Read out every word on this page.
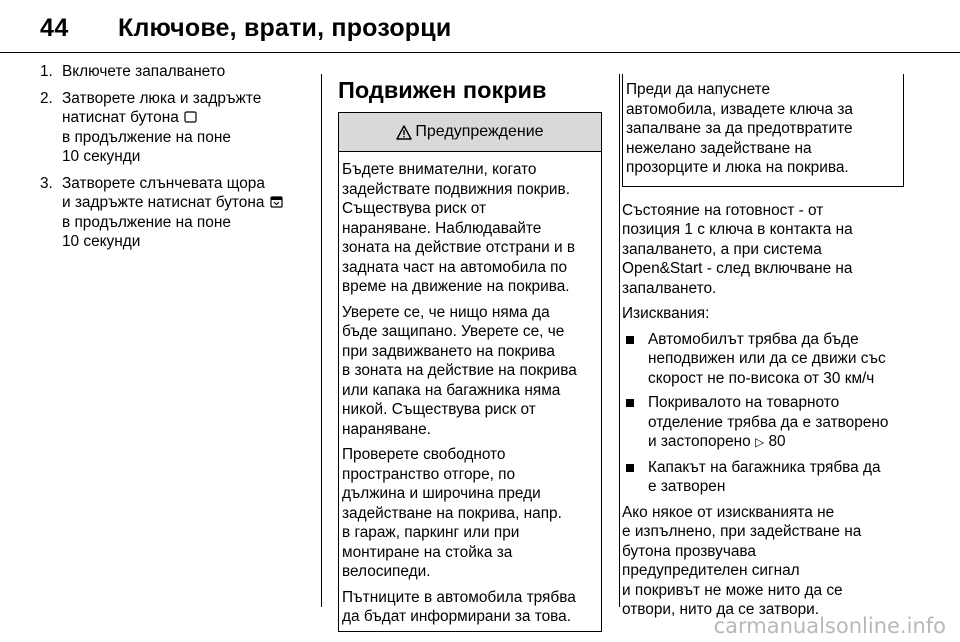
44 Ключове, врати, прозорци
1. Включете запалването
2. Затворете люка и задръжте
натиснат бутона
в продължение на поне
10 секунди
3. Затворете слънчевата щора
и задръжте натиснат бутона
в продължение на поне
10 секунди
Подвижен покрив
Предупреждение

Бъдете внимателни, когато
задействате подвижния покрив.
Съществува риск от
нараняване. Наблюдавайте
зоната на действие отстрани и в
задната част на автомобила по
време на движение на покрива.

Уверете се, че нищо няма да
бъде защипано. Уверете се, че
при задвижването на покрива
в зоната на действие на покрива
или капака на багажника няма
никой. Съществува риск от
нараняване.

Проверете свободното
пространство отгоре, по
дължина и широчина преди
задействане на покрива, напр.
в гараж, паркинг или при
монтиране на стойка за
велосипеди.

Пътниците в автомобила трябва
да бъдат информирани за това.

Преди да напуснете
автомобила, извадете ключа за
запалване за да предотвратите
нежелано задействане на
прозорците и люка на покрива.

Състояние на готовност - от
позиция 1 с ключа в контакта на
запалването, а при система
Open&Start - след включване на
запалването.

Изисквания:

Автомобилът трябва да бъде
неподвижен или да се движи със
скорост не по-висока от 30 км/ч
Покривалото на товарното
отделение трябва да е затворено
и застопорено ▷ 80
Капакът на багажника трябва да
е затворен

Ако някое от изискванията не
е изпълнено, при задействане на
бутона прозвучава
предупредителен сигнал
и покривът не може нито да се
отвори, нито да се затвори.

carmanualsonline.info
